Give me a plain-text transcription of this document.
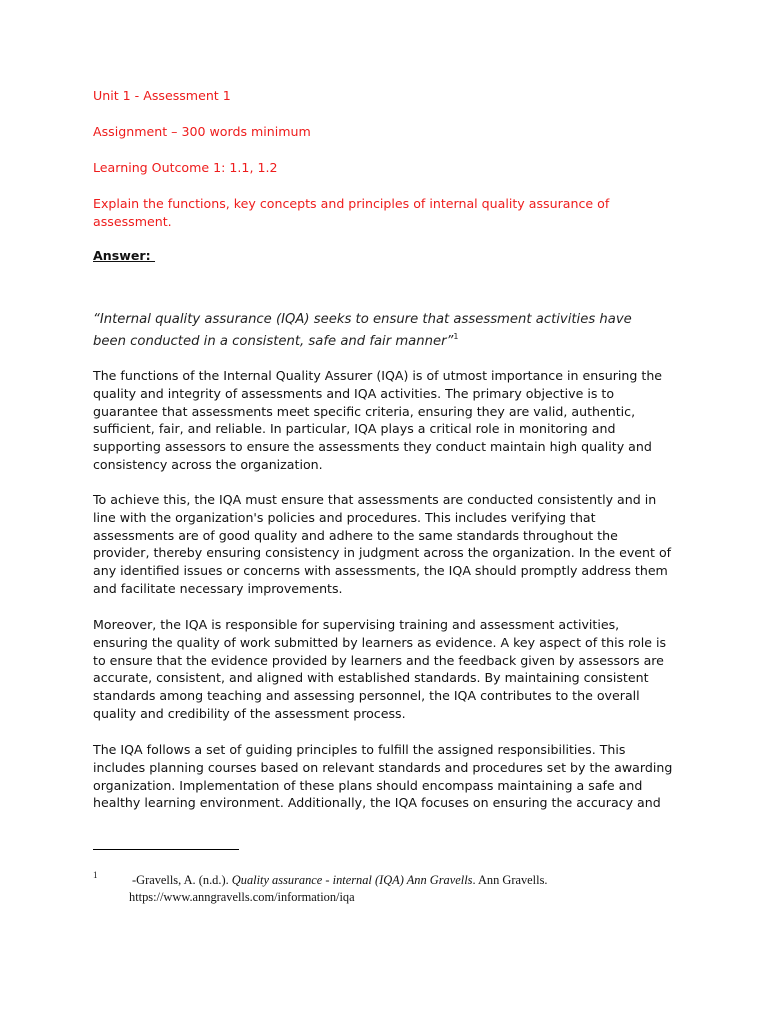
Unit 1 - Assessment 1
Assignment – 300 words minimum
Learning Outcome 1: 1.1, 1.2
Explain the functions, key concepts and principles of internal quality assurance of assessment.
Answer:
“Internal quality assurance (IQA) seeks to ensure that assessment activities have been conducted in a consistent, safe and fair manner”$^1$

The functions of the Internal Quality Assurer (IQA) is of utmost importance in ensuring the quality and integrity of assessments and IQA activities. The primary objective is to guarantee that assessments meet specific criteria, ensuring they are valid, authentic, sufficient, fair, and reliable. In particular, IQA plays a critical role in monitoring and supporting assessors to ensure the assessments they conduct maintain high quality and consistency across the organization.

To achieve this, the IQA must ensure that assessments are conducted consistently and in line with the organization's policies and procedures. This includes verifying that assessments are of good quality and adhere to the same standards throughout the provider, thereby ensuring consistency in judgment across the organization. In the event of any identified issues or concerns with assessments, the IQA should promptly address them and facilitate necessary improvements.

Moreover, the IQA is responsible for supervising training and assessment activities, ensuring the quality of work submitted by learners as evidence. A key aspect of this role is to ensure that the evidence provided by learners and the feedback given by assessors are accurate, consistent, and aligned with established standards. By maintaining consistent standards among teaching and assessing personnel, the IQA contributes to the overall quality and credibility of the assessment process.

The IQA follows a set of guiding principles to fulfill the assigned responsibilities. This includes planning courses based on relevant standards and procedures set by the awarding organization. Implementation of these plans should encompass maintaining a safe and healthy learning environment. Additionally, the IQA focuses on ensuring the accuracy and

1	-Gravells, A. (n.d.). Quality assurance - internal (IQA) Ann Gravells. Ann Gravells.
https://www.anngravells.com/information/iqa
